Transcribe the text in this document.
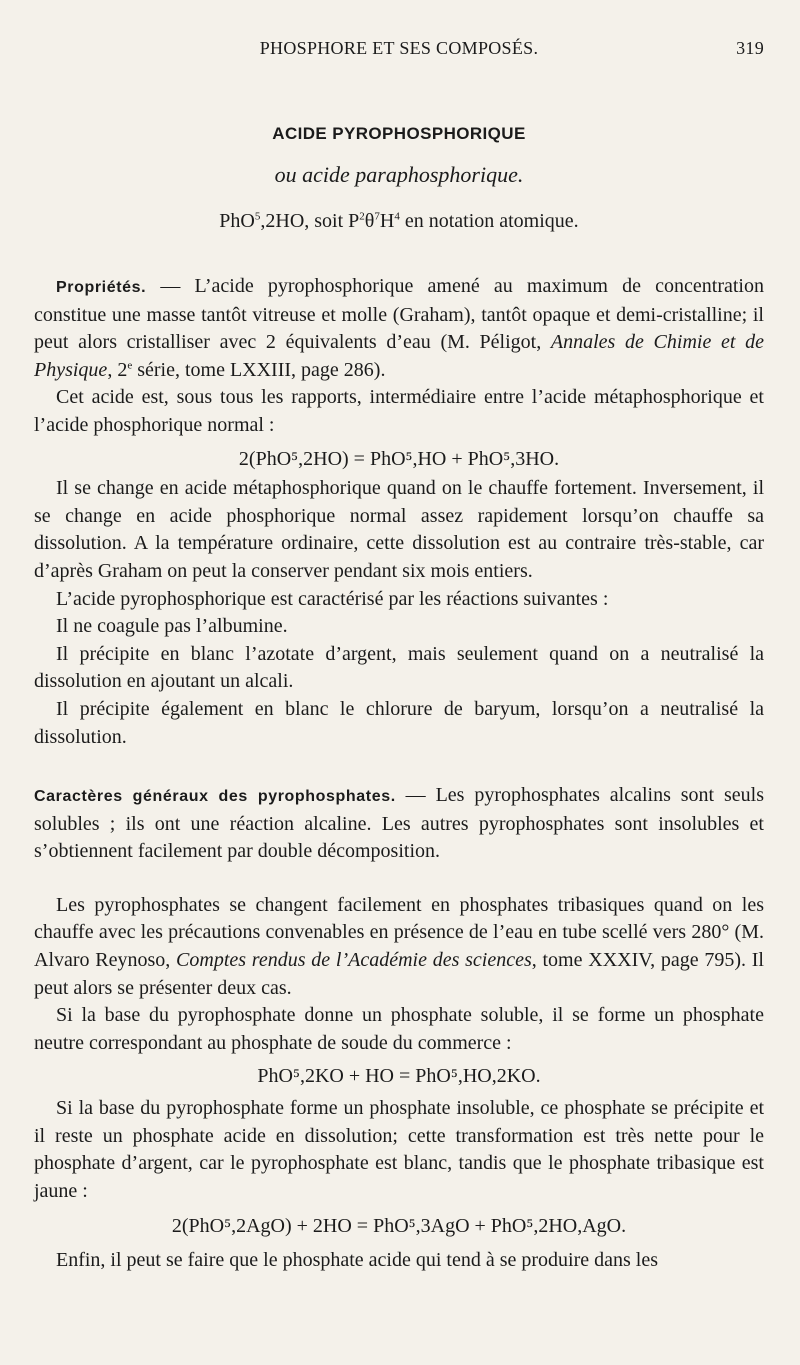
PHOSPHORE ET SES COMPOSÉS.	319
ACIDE PYROPHOSPHORIQUE
ou acide paraphosphorique.
PhO$^5$,2HO, soit $P^2\theta^7H^4$ en notation atomique.

Propriétés. — L’acide pyrophosphorique amené au maximum de concentration constitue une masse tantôt vitreuse et molle (Graham), tantôt opaque et demi-cristalline; il peut alors cristalliser avec 2 équivalents d’eau (M. Péligot, Annales de Chimie et de Physique, 2e série, tome LXXIII, page 286).

Cet acide est, sous tous les rapports, intermédiaire entre l’acide métaphosphorique et l’acide phosphorique normal :

2(PhO⁵,2HO) = PhO⁵,HO + PhO⁵,3HO.

Il se change en acide métaphosphorique quand on le chauffe fortement. Inversement, il se change en acide phosphorique normal assez rapidement lorsqu’on chauffe sa dissolution. A la température ordinaire, cette dissolution est au contraire très-stable, car d’après Graham on peut la conserver pendant six mois entiers.

L’acide pyrophosphorique est caractérisé par les réactions suivantes :

Il ne coagule pas l’albumine.

Il précipite en blanc l’azotate d’argent, mais seulement quand on a neutralisé la dissolution en ajoutant un alcali.

Il précipite également en blanc le chlorure de baryum, lorsqu’on a neutralisé la dissolution.

Caractères généraux des pyrophosphates. — Les pyrophosphates alcalins sont seuls solubles ; ils ont une réaction alcaline. Les autres pyrophosphates sont insolubles et s’obtiennent facilement par double décomposition.

Les pyrophosphates se changent facilement en phosphates tribasiques quand on les chauffe avec les précautions convenables en présence de l’eau en tube scellé vers 280° (M. Alvaro Reynoso, Comptes rendus de l’Académie des sciences, tome XXXIV, page 795). Il peut alors se présenter deux cas.

Si la base du pyrophosphate donne un phosphate soluble, il se forme un phosphate neutre correspondant au phosphate de soude du commerce :

PhO⁵,2KO + HO = PhO⁵,HO,2KO.

Si la base du pyrophosphate forme un phosphate insoluble, ce phosphate se précipite et il reste un phosphate acide en dissolution; cette transformation est très nette pour le phosphate d’argent, car le pyrophosphate est blanc, tandis que le phosphate tribasique est jaune :

2(PhO⁵,2AgO) + 2HO = PhO⁵,3AgO + PhO⁵,2HO,AgO.

Enfin, il peut se faire que le phosphate acide qui tend à se produire dans les
